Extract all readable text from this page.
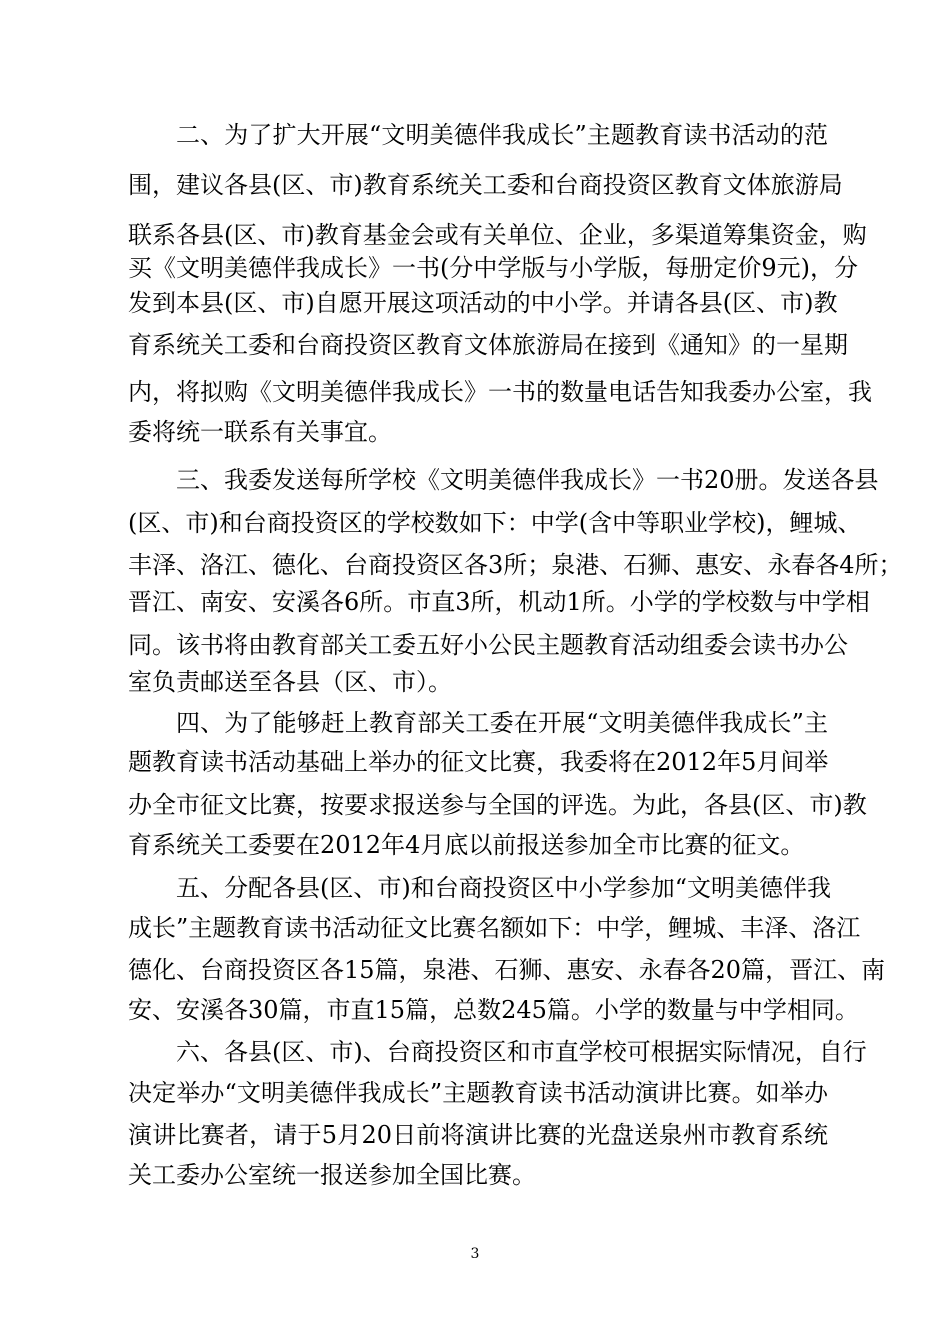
二、为了扩大开展“文明美德伴我成长”主题教育读书活动的范
围，建议各县(区、市)教育系统关工委和台商投资区教育文体旅游局
联系各县(区、市)教育基金会或有关单位、企业，多渠道筹集资金，购
买《文明美德伴我成长》一书(分中学版与小学版，每册定价9元)，分
发到本县(区、市)自愿开展这项活动的中小学。并请各县(区、市)教
育系统关工委和台商投资区教育文体旅游局在接到《通知》的一星期
内，将拟购《文明美德伴我成长》一书的数量电话告知我委办公室，我
委将统一联系有关事宜。
三、我委发送每所学校《文明美德伴我成长》一书20册。发送各县
(区、市)和台商投资区的学校数如下：中学(含中等职业学校)，鲤城、
丰泽、洛江、德化、台商投资区各3所；泉港、石狮、惠安、永春各4所；
晋江、南安、安溪各6所。市直3所，机动1所。小学的学校数与中学相
同。该书将由教育部关工委五好小公民主题教育活动组委会读书办公
室负责邮送至各县（区、市）。
四、为了能够赶上教育部关工委在开展“文明美德伴我成长”主
题教育读书活动基础上举办的征文比赛，我委将在2012年5月间举
办全市征文比赛，按要求报送参与全国的评选。为此，各县(区、市)教
育系统关工委要在2012年4月底以前报送参加全市比赛的征文。
五、分配各县(区、市)和台商投资区中小学参加“文明美德伴我
成长”主题教育读书活动征文比赛名额如下：中学，鲤城、丰泽、洛江
德化、台商投资区各15篇，泉港、石狮、惠安、永春各20篇，晋江、南
安、安溪各30篇，市直15篇，总数245篇。小学的数量与中学相同。
六、各县(区、市)、台商投资区和市直学校可根据实际情况，自行
决定举办“文明美德伴我成长”主题教育读书活动演讲比赛。如举办
演讲比赛者，请于5月20日前将演讲比赛的光盘送泉州市教育系统
关工委办公室统一报送参加全国比赛。
3
